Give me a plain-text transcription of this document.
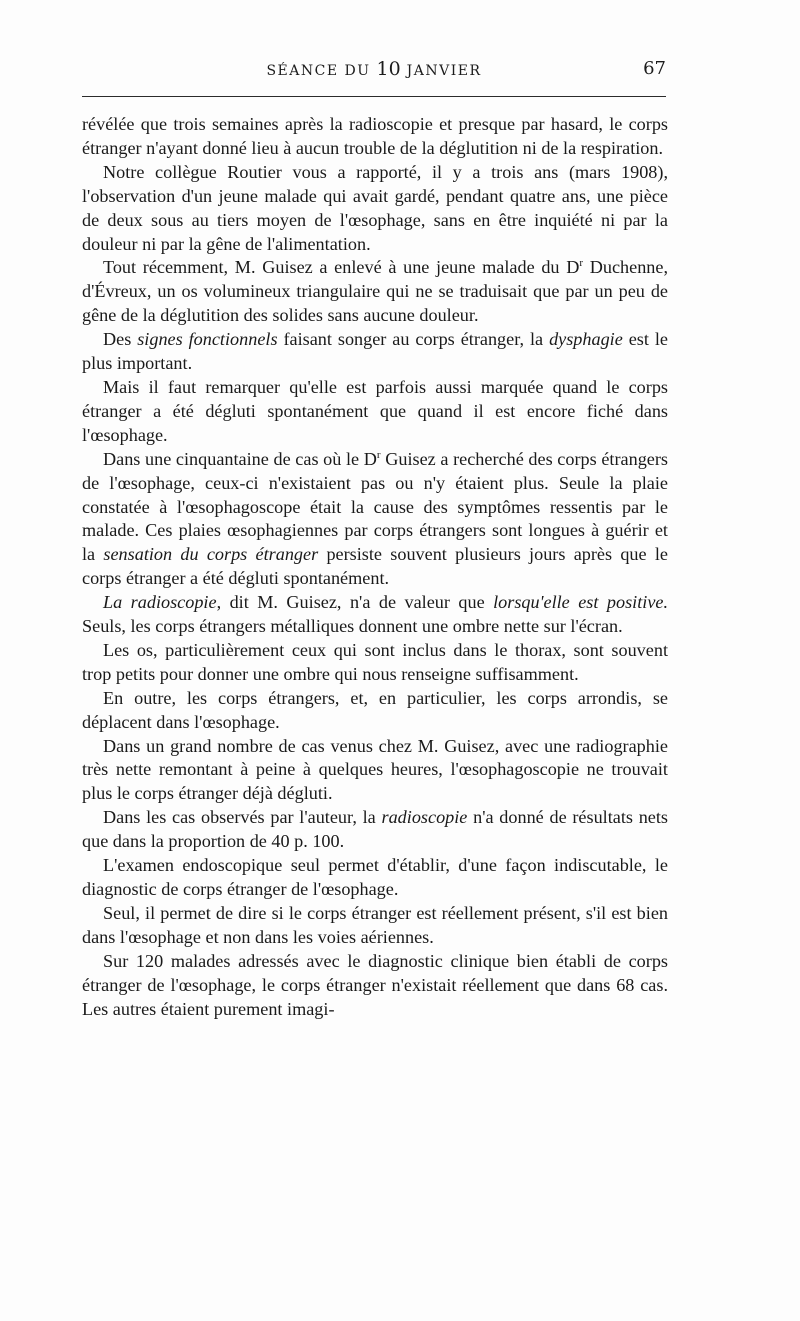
SÉANCE DU 10 JANVIER	67

révélée que trois semaines après la radioscopie et presque par hasard, le corps étranger n'ayant donné lieu à aucun trouble de la déglutition ni de la respiration.

Notre collègue Routier vous a rapporté, il y a trois ans (mars 1908), l'observation d'un jeune malade qui avait gardé, pendant quatre ans, une pièce de deux sous au tiers moyen de l'œsophage, sans en être inquiété ni par la douleur ni par la gêne de l'alimentation.

Tout récemment, M. Guisez a enlevé à une jeune malade du $D^r$ Duchenne, d'Évreux, un os volumineux triangulaire qui ne se traduisait que par un peu de gêne de la déglutition des solides sans aucune douleur.

Des signes fonctionnels faisant songer au corps étranger, la dysphagie est le plus important.

Mais il faut remarquer qu'elle est parfois aussi marquée quand le corps étranger a été dégluti spontanément que quand il est encore fiché dans l'œsophage.

Dans une cinquantaine de cas où le $D^r$ Guisez a recherché des corps étrangers de l'œsophage, ceux-ci n'existaient pas ou n'y étaient plus. Seule la plaie constatée à l'œsophagoscope était la cause des symptômes ressentis par le malade. Ces plaies œsophagiennes par corps étrangers sont longues à guérir et la sensation du corps étranger persiste souvent plusieurs jours après que le corps étranger a été dégluti spontanément.

La radioscopie, dit M. Guisez, n'a de valeur que lorsqu'elle est positive. Seuls, les corps étrangers métalliques donnent une ombre nette sur l'écran.

Les os, particulièrement ceux qui sont inclus dans le thorax, sont souvent trop petits pour donner une ombre qui nous renseigne suffisamment.

En outre, les corps étrangers, et, en particulier, les corps arrondis, se déplacent dans l'œsophage.

Dans un grand nombre de cas venus chez M. Guisez, avec une radiographie très nette remontant à peine à quelques heures, l'œsophagoscopie ne trouvait plus le corps étranger déjà dégluti.

Dans les cas observés par l'auteur, la radioscopie n'a donné de résultats nets que dans la proportion de 40 p. 100.

L'examen endoscopique seul permet d'établir, d'une façon indiscutable, le diagnostic de corps étranger de l'œsophage.

Seul, il permet de dire si le corps étranger est réellement présent, s'il est bien dans l'œsophage et non dans les voies aériennes.

Sur 120 malades adressés avec le diagnostic clinique bien établi de corps étranger de l'œsophage, le corps étranger n'existait réellement que dans 68 cas. Les autres étaient purement imagi-
